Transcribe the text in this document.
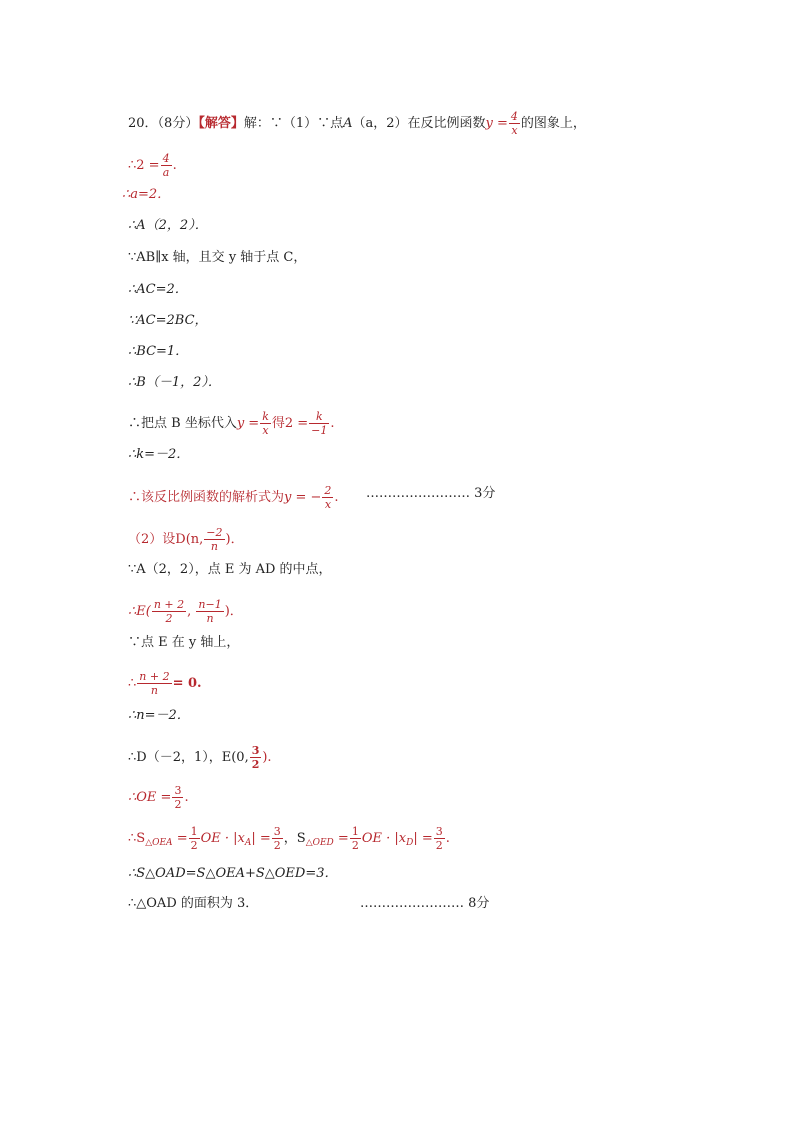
20．（8分）【解答】解：∵（1）∵点A（a，2）在反比例函数$y = \frac{4}{x}$ 的图象上，
∴2 = $\frac{4}{a}$ .
∴a=2．
∴A（2，2）．
∵AB∥x 轴，且交 y 轴于点 C，
∴AC=2．
∵AC=2BC，
∴BC=1．
∴B（－1，2）．
∴把点 B 坐标代入$y = \frac{k}{x}$ 得$2 = \frac{k}{-1}$ .
∴k=－2．
∴该反比例函数的解析式为y = − $\frac{2}{x}$ . …………………… 3分
（2）设D(n, $\frac{-2}{n}$ )．
∵A（2，2），点 E 为 AD 的中点，
∴E( $\frac{n + 2}{2}$ , $\frac{n-1}{n}$ )．
∵点 E 在 y 轴上，
∴ $\frac{n + 2}{n} = 0$.
∴n=－2．
∴D（－2，1），E(0, $\frac{3}{2}$ ).
∴OE = $\frac{3}{2}$ .
$\therefore S_{\triangle OEA} = \frac{1}{2}$ OE · $|x_A| = \frac{3}{2}$ ，$S_{\triangle OED} = \frac{1}{2}$ OE · $|x_D| = \frac{3}{2}$ .
∴S△OAD=S△OEA+S△OED=3．
∴△OAD 的面积为 3．	…………………… 8分
